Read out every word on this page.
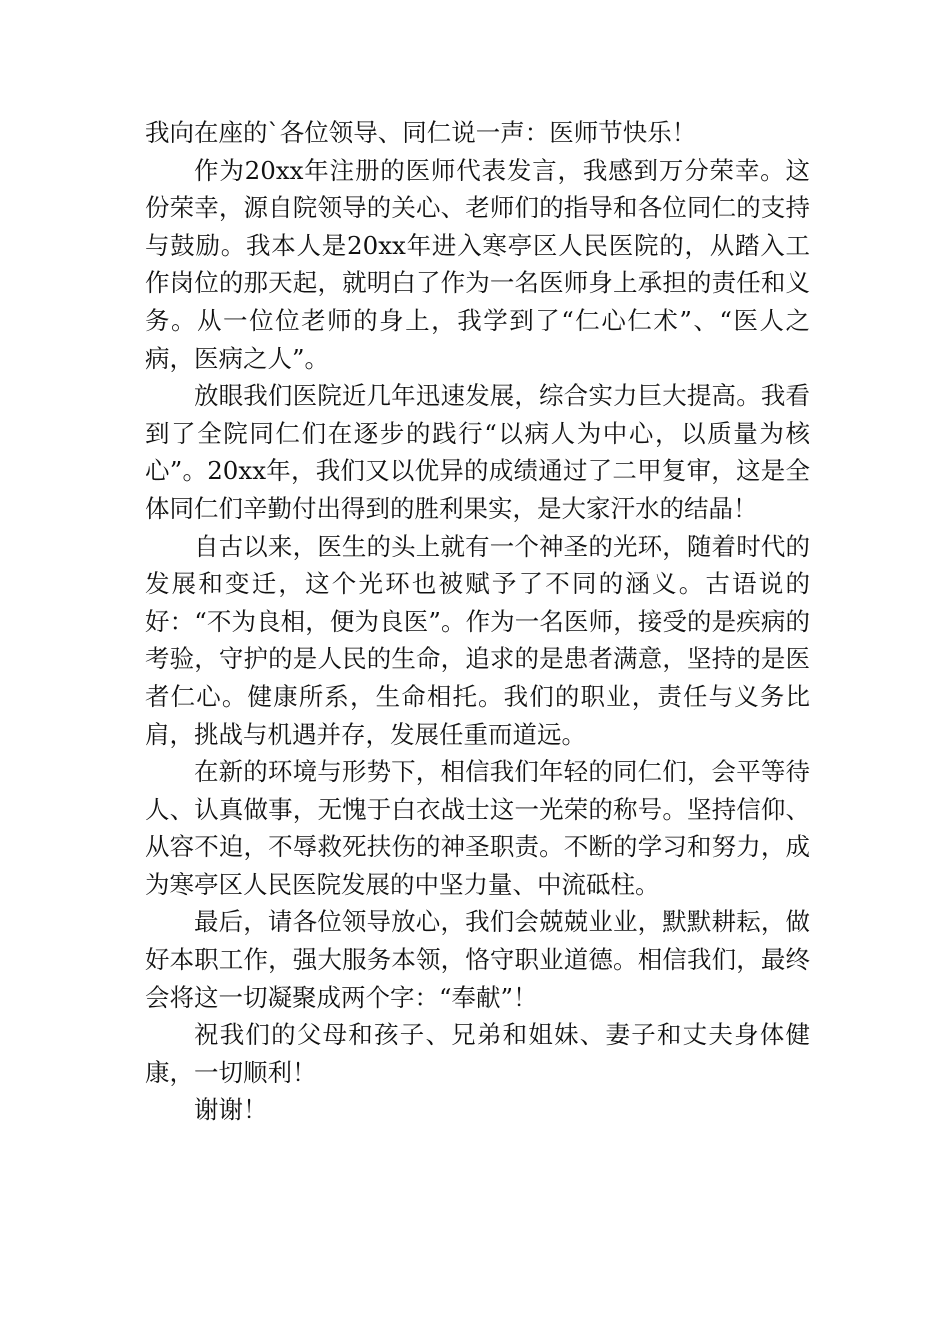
我向在座的`各位领导、同仁说一声：医师节快乐！

作为20xx年注册的医师代表发言，我感到万分荣幸。这份荣幸，源自院领导的关心、老师们的指导和各位同仁的支持与鼓励。我本人是20xx年进入寒亭区人民医院的，从踏入工作岗位的那天起，就明白了作为一名医师身上承担的责任和义务。从一位位老师的身上，我学到了“仁心仁术”、“医人之病，医病之人”。

放眼我们医院近几年迅速发展，综合实力巨大提高。我看到了全院同仁们在逐步的践行“以病人为中心，以质量为核心”。20xx年，我们又以优异的成绩通过了二甲复审，这是全体同仁们辛勤付出得到的胜利果实，是大家汗水的结晶！

自古以来，医生的头上就有一个神圣的光环，随着时代的发展和变迁，这个光环也被赋予了不同的涵义。古语说的好：“不为良相，便为良医”。作为一名医师，接受的是疾病的考验，守护的是人民的生命，追求的是患者满意，坚持的是医者仁心。健康所系，生命相托。我们的职业，责任与义务比肩，挑战与机遇并存，发展任重而道远。

在新的环境与形势下，相信我们年轻的同仁们，会平等待人、认真做事，无愧于白衣战士这一光荣的称号。坚持信仰、从容不迫，不辱救死扶伤的神圣职责。不断的学习和努力，成为寒亭区人民医院发展的中坚力量、中流砥柱。

最后，请各位领导放心，我们会兢兢业业，默默耕耘，做好本职工作，强大服务本领，恪守职业道德。相信我们，最终会将这一切凝聚成两个字：“奉献”！

祝我们的父母和孩子、兄弟和姐妹、妻子和丈夫身体健康，一切顺利！

谢谢！
